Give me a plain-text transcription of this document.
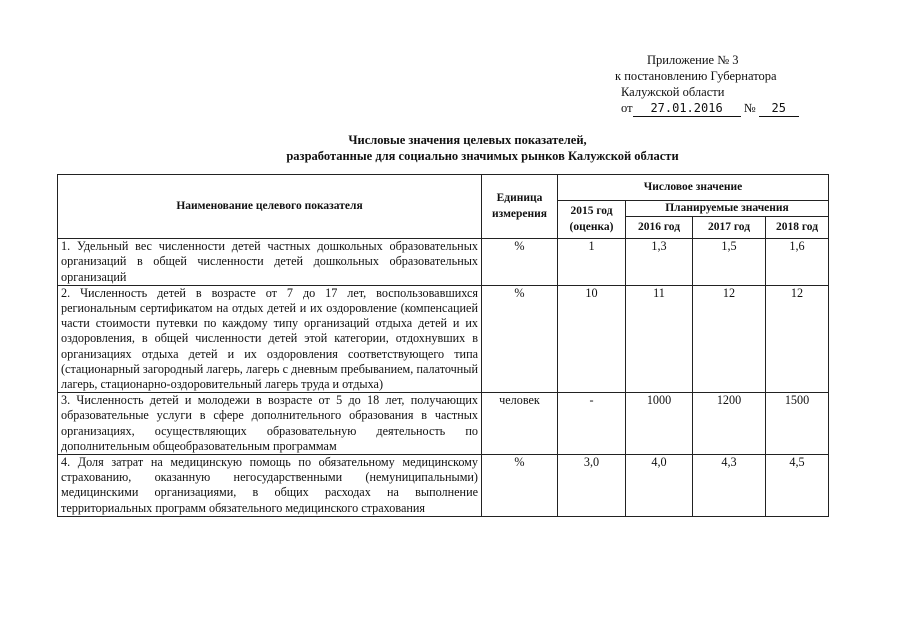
Приложение № 3
к постановлению Губернатора
Калужской области
от 27.01.2016 № 25
Числовые значения целевых показателей,
разработанные для социально значимых рынков Калужской области
Наименование целевого показателя	Единица измерения	Числовое значение			
		2015 год (оценка)	Планируемые значения		
			2016 год	2017 год	2018 год
1. Удельный вес численности детей частных дошкольных образовательных организаций в общей численности детей дошкольных образовательных организаций	%	1	1,3	1,5	1,6
2. Численность детей в возрасте от 7 до 17 лет, воспользовавшихся региональным сертификатом на отдых детей и их оздоровление (компенсацией части стоимости путевки по каждому типу организаций отдыха детей и их оздоровления, в общей численности детей этой категории, отдохнувших в организациях отдыха детей и их оздоровления соответствующего типа (стационарный загородный лагерь, лагерь с дневным пребыванием, палаточный лагерь, стационарно-оздоровительный лагерь труда и отдыха)	%	10	11	12	12
3. Численность детей и молодежи в возрасте от 5 до 18 лет, получающих образовательные услуги в сфере дополнительного образования в частных организациях, осуществляющих образовательную деятельность по дополнительным общеобразовательным программам	человек	-	1000	1200	1500
4. Доля затрат на медицинскую помощь по обязательному медицинскому страхованию, оказанную негосударственными (немуниципальными) медицинскими организациями, в общих расходах на выполнение территориальных программ обязательного медицинского страхования	%	3,0	4,0	4,3	4,5
